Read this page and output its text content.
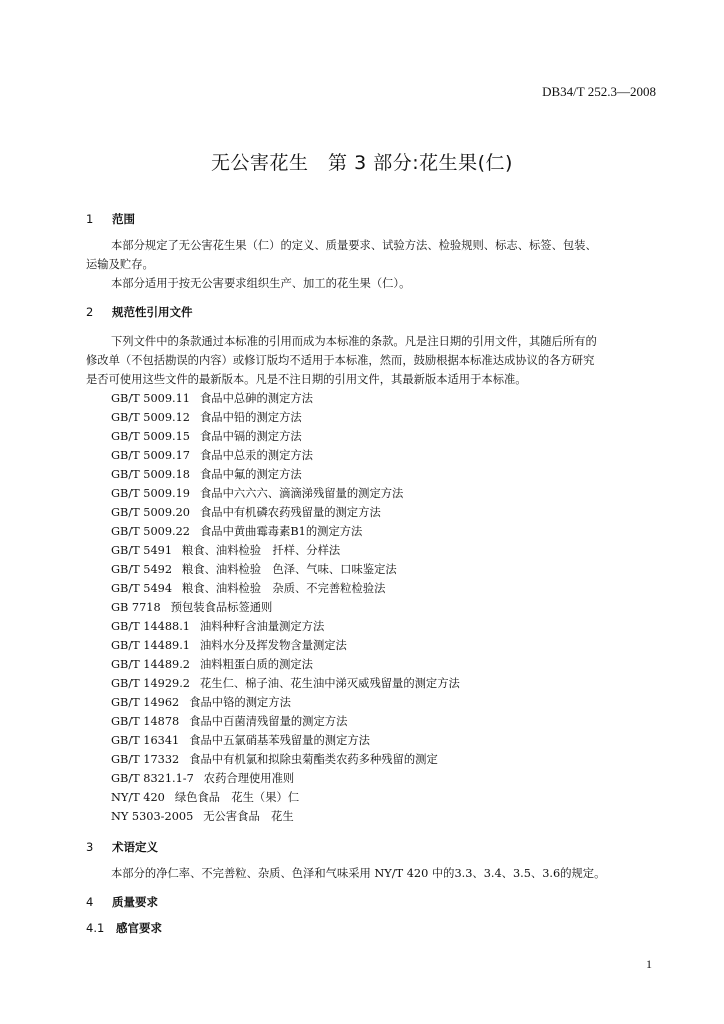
DB34/T 252.3—2008
无公害花生　第 3 部分:花生果(仁)
1 范围
本部分规定了无公害花生果（仁）的定义、质量要求、试验方法、检验规则、标志、标签、包装、
运输及贮存。
本部分适用于按无公害要求组织生产、加工的花生果（仁）。
2 规范性引用文件
下列文件中的条款通过本标准的引用而成为本标准的条款。凡是注日期的引用文件，其随后所有的
修改单（不包括勘误的内容）或修订版均不适用于本标准，然而，鼓励根据本标准达成协议的各方研究
是否可使用这些文件的最新版本。凡是不注日期的引用文件，其最新版本适用于本标准。
GB/T 5009.11 食品中总砷的测定方法
GB/T 5009.12 食品中铅的测定方法
GB/T 5009.15 食品中镉的测定方法
GB/T 5009.17 食品中总汞的测定方法
GB/T 5009.18 食品中氟的测定方法
GB/T 5009.19 食品中六六六、滴滴涕残留量的测定方法
GB/T 5009.20 食品中有机磷农药残留量的测定方法
GB/T 5009.22 食品中黄曲霉毒素B1的测定方法
GB/T 5491 粮食、油料检验　扦样、分样法
GB/T 5492 粮食、油料检验　色泽、气味、口味鉴定法
GB/T 5494 粮食、油料检验　杂质、不完善粒检验法
GB 7718 预包装食品标签通则
GB/T 14488.1 油料种籽含油量测定方法
GB/T 14489.1 油料水分及挥发物含量测定法
GB/T 14489.2 油料粗蛋白质的测定法
GB/T 14929.2 花生仁、棉子油、花生油中涕灭威残留量的测定方法
GB/T 14962 食品中铬的测定方法
GB/T 14878 食品中百菌清残留量的测定方法
GB/T 16341 食品中五氯硝基苯残留量的测定方法
GB/T 17332 食品中有机氯和拟除虫菊酯类农药多种残留的测定
GB/T 8321.1-7 农药合理使用准则
NY/T 420 绿色食品　花生（果）仁
NY 5303-2005 无公害食品　花生
3 术语定义
本部分的净仁率、不完善粒、杂质、色泽和气味采用 NY/T 420 中的3.3、3.4、3.5、3.6的规定。
4 质量要求
4.1 感官要求
1
